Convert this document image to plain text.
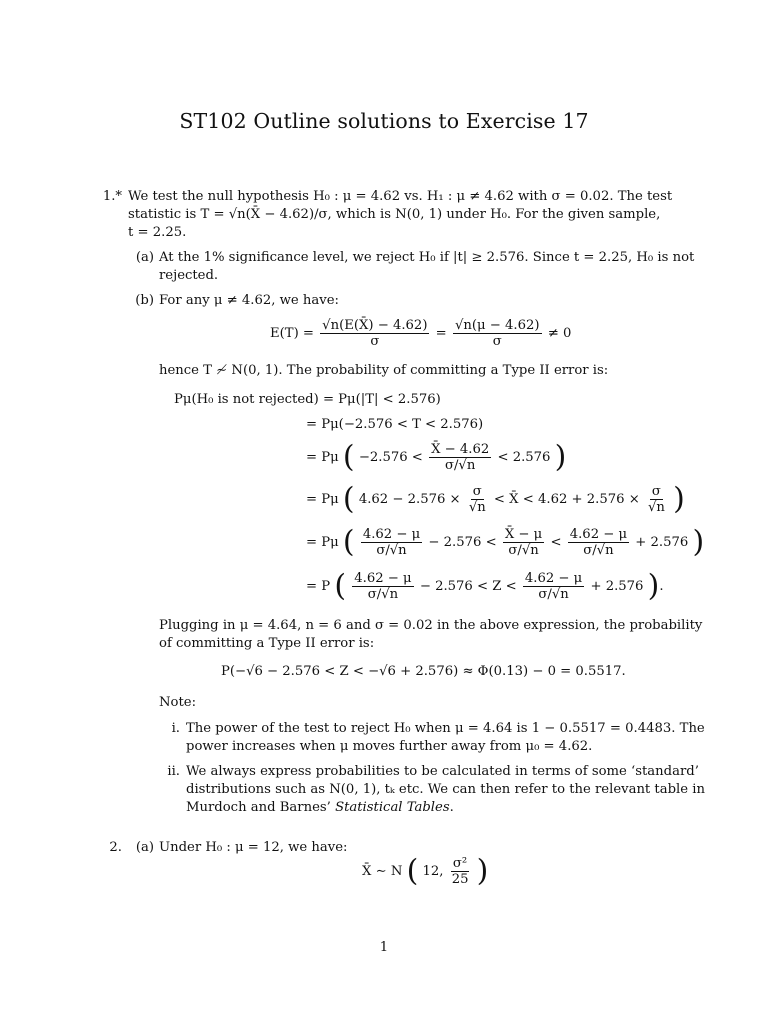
ST102 Outline solutions to Exercise 17
1.* We test the null hypothesis H₀ : μ = 4.62 vs. H₁ : μ ≠ 4.62 with σ = 0.02. The test
statistic is T = √n(X̄ − 4.62)/σ, which is N(0, 1) under H₀. For the given sample,
t = 2.25.
(a) At the 1% significance level, we reject H₀ if |t| ≥ 2.576. Since t = 2.25, H₀ is not
rejected.
(b) For any μ ≠ 4.62, we have:
$E(T) = \frac{√n(E(X̄) - 4.62)}{\sigma} = \frac{√n(\mu - 4.62)}{\sigma} \ne 0$
hence T ≁ N(0, 1). The probability of committing a Type II error is:
Pμ(H₀ is not rejected) = Pμ(|T| < 2.576)
= Pμ(−2.576 < T < 2.576)
= Pμ ( $-2.576 < \frac{X̄ - 4.62}{\sigma/√n} < 2.576$ )
= Pμ ( $4.62 - 2.576 \times \frac{\sigma}{√n}$ < X̄ < $4.62 + 2.576 \times \frac{\sigma}{√n}$ )
= Pμ ( $\frac{4.62 - \mu}{\sigma/√n} - 2.576 < \frac{X̄ - \mu}{\sigma/√n} < \frac{4.62 - \mu}{\sigma/√n} + 2.576$ )
= P ( $\frac{4.62 - \mu}{\sigma/√n} - 2.576 < Z < \frac{4.62 - \mu}{\sigma/√n} + 2.576$ ).
Plugging in μ = 4.64, n = 6 and σ = 0.02 in the above expression, the probability
of committing a Type II error is:
P(−√6 − 2.576 < Z < −√6 + 2.576) ≈ Φ(0.13) − 0 = 0.5517.
Note:
i. The power of the test to reject H₀ when μ = 4.64 is 1 − 0.5517 = 0.4483. The
power increases when μ moves further away from μ₀ = 4.62.
ii. We always express probabilities to be calculated in terms of some ‘standard’
distributions such as N(0, 1), tₖ etc. We can then refer to the relevant table in
Murdoch and Barnes’ Statistical Tables.
2.	(a) Under H₀ : μ = 12, we have:
X̄ ∼ N ( 12, $\frac{\text{σ²}}{25}$ )
1
